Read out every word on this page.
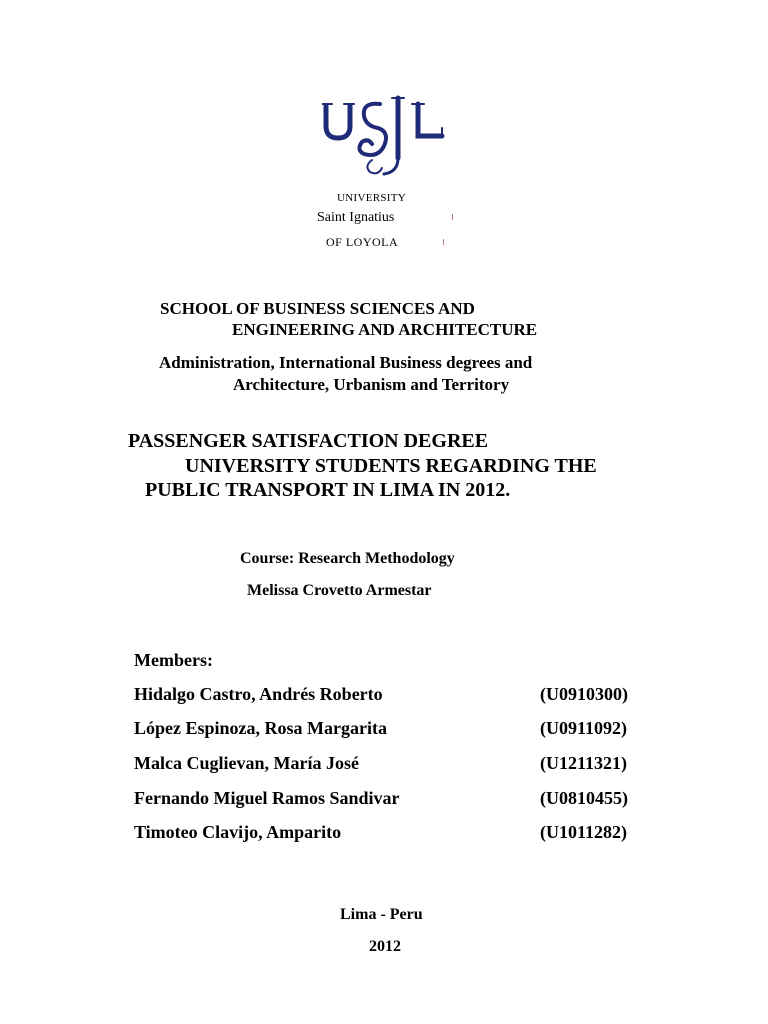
UNIVERSITY
Saint Ignatius
OF LOYOLA
SCHOOL OF BUSINESS SCIENCES AND
ENGINEERING AND ARCHITECTURE
Administration, International Business degrees and
Architecture, Urbanism and Territory
PASSENGER SATISFACTION DEGREE
UNIVERSITY STUDENTS REGARDING THE
PUBLIC TRANSPORT IN LIMA IN 2012.
Course: Research Methodology
Melissa Crovetto Armestar
Members:
Hidalgo Castro, Andrés Roberto	(U0910300)
López Espinoza, Rosa Margarita	(U0911092)
Malca Cuglievan, María José	(U1211321)
Fernando Miguel Ramos Sandivar	(U0810455)
Timoteo Clavijo, Amparito	(U1011282)
Lima - Peru
2012
